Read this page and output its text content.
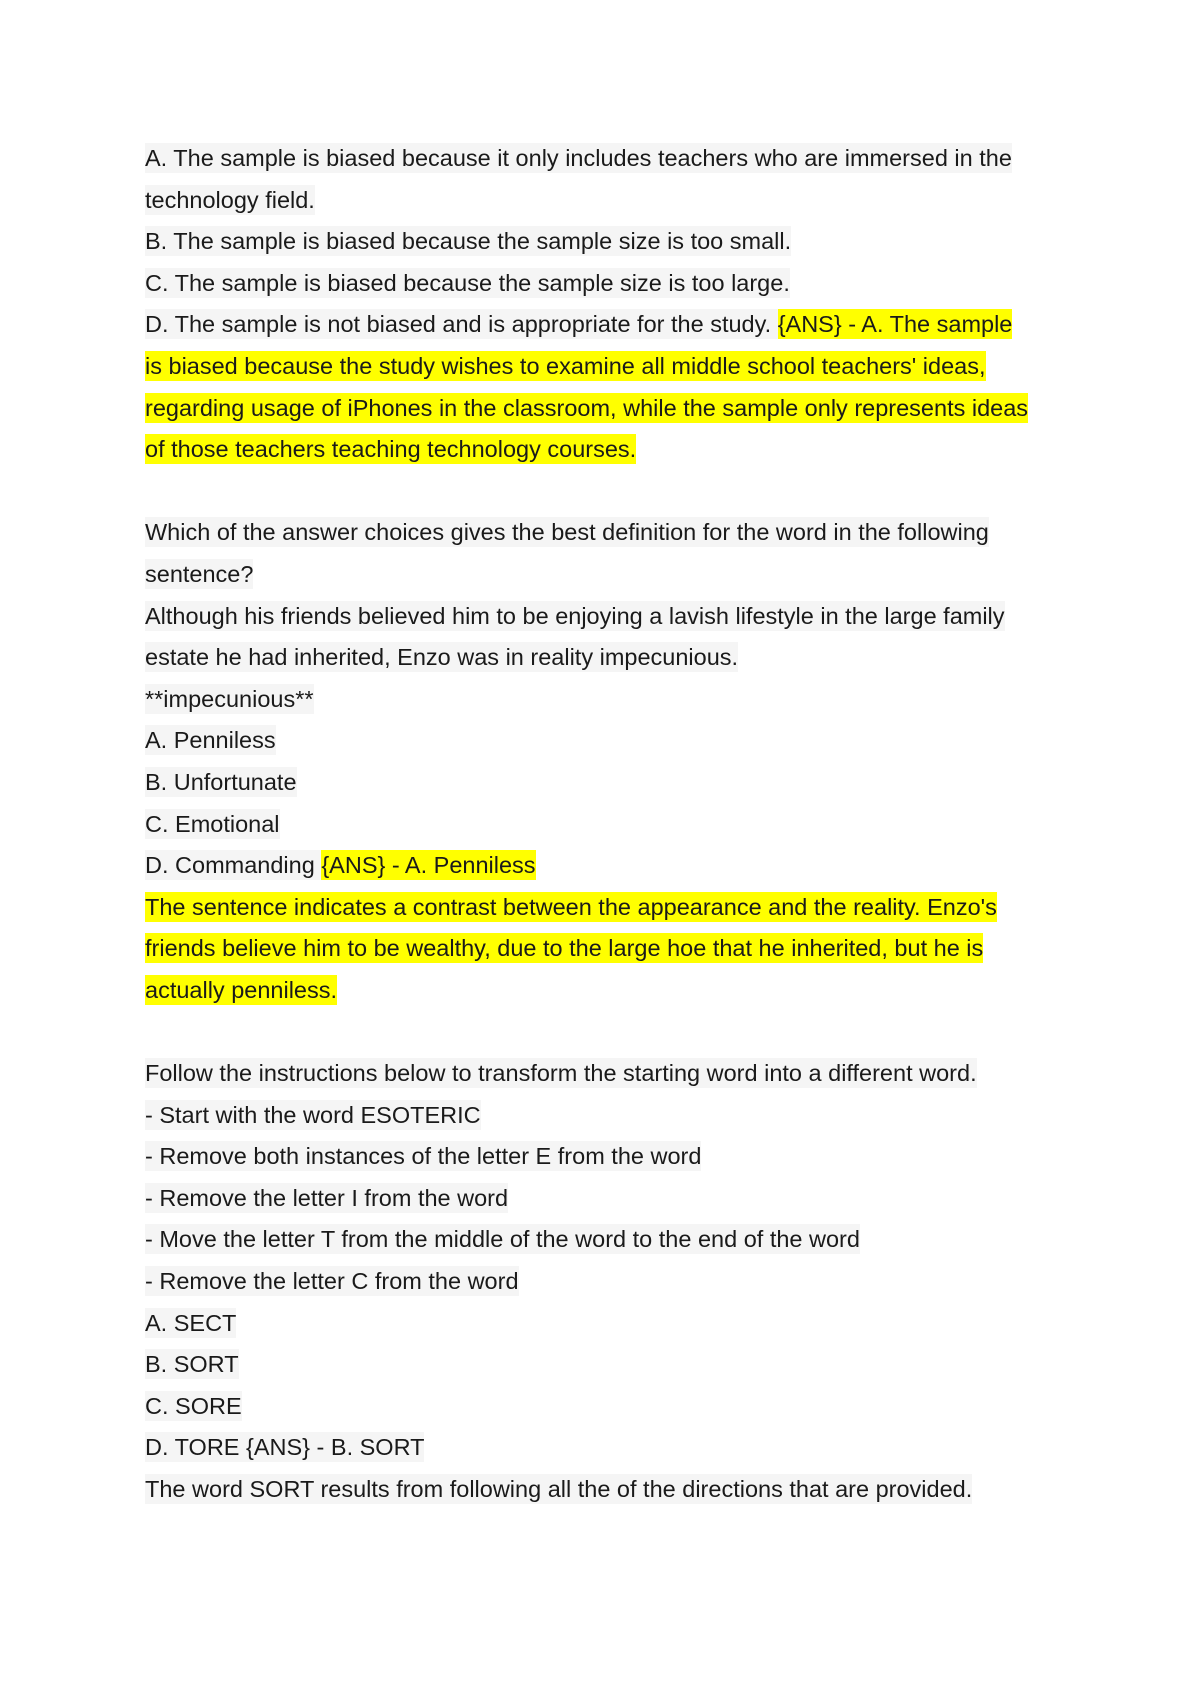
A. The sample is biased because it only includes teachers who are immersed in the
technology field.
B. The sample is biased because the sample size is too small.
C. The sample is biased because the sample size is too large.
D. The sample is not biased and is appropriate for the study. {ANS} - A. The sample
is biased because the study wishes to examine all middle school teachers' ideas,
regarding usage of iPhones in the classroom, while the sample only represents ideas
of those teachers teaching technology courses.
Which of the answer choices gives the best definition for the word in the following
sentence?
Although his friends believed him to be enjoying a lavish lifestyle in the large family
estate he had inherited, Enzo was in reality impecunious.
**impecunious**
A. Penniless
B. Unfortunate
C. Emotional
D. Commanding {ANS} - A. Penniless
The sentence indicates a contrast between the appearance and the reality. Enzo's
friends believe him to be wealthy, due to the large hoe that he inherited, but he is
actually penniless.
Follow the instructions below to transform the starting word into a different word.
- Start with the word ESOTERIC
- Remove both instances of the letter E from the word
- Remove the letter I from the word
- Move the letter T from the middle of the word to the end of the word
- Remove the letter C from the word
A. SECT
B. SORT
C. SORE
D. TORE {ANS} - B. SORT
The word SORT results from following all the of the directions that are provided.
